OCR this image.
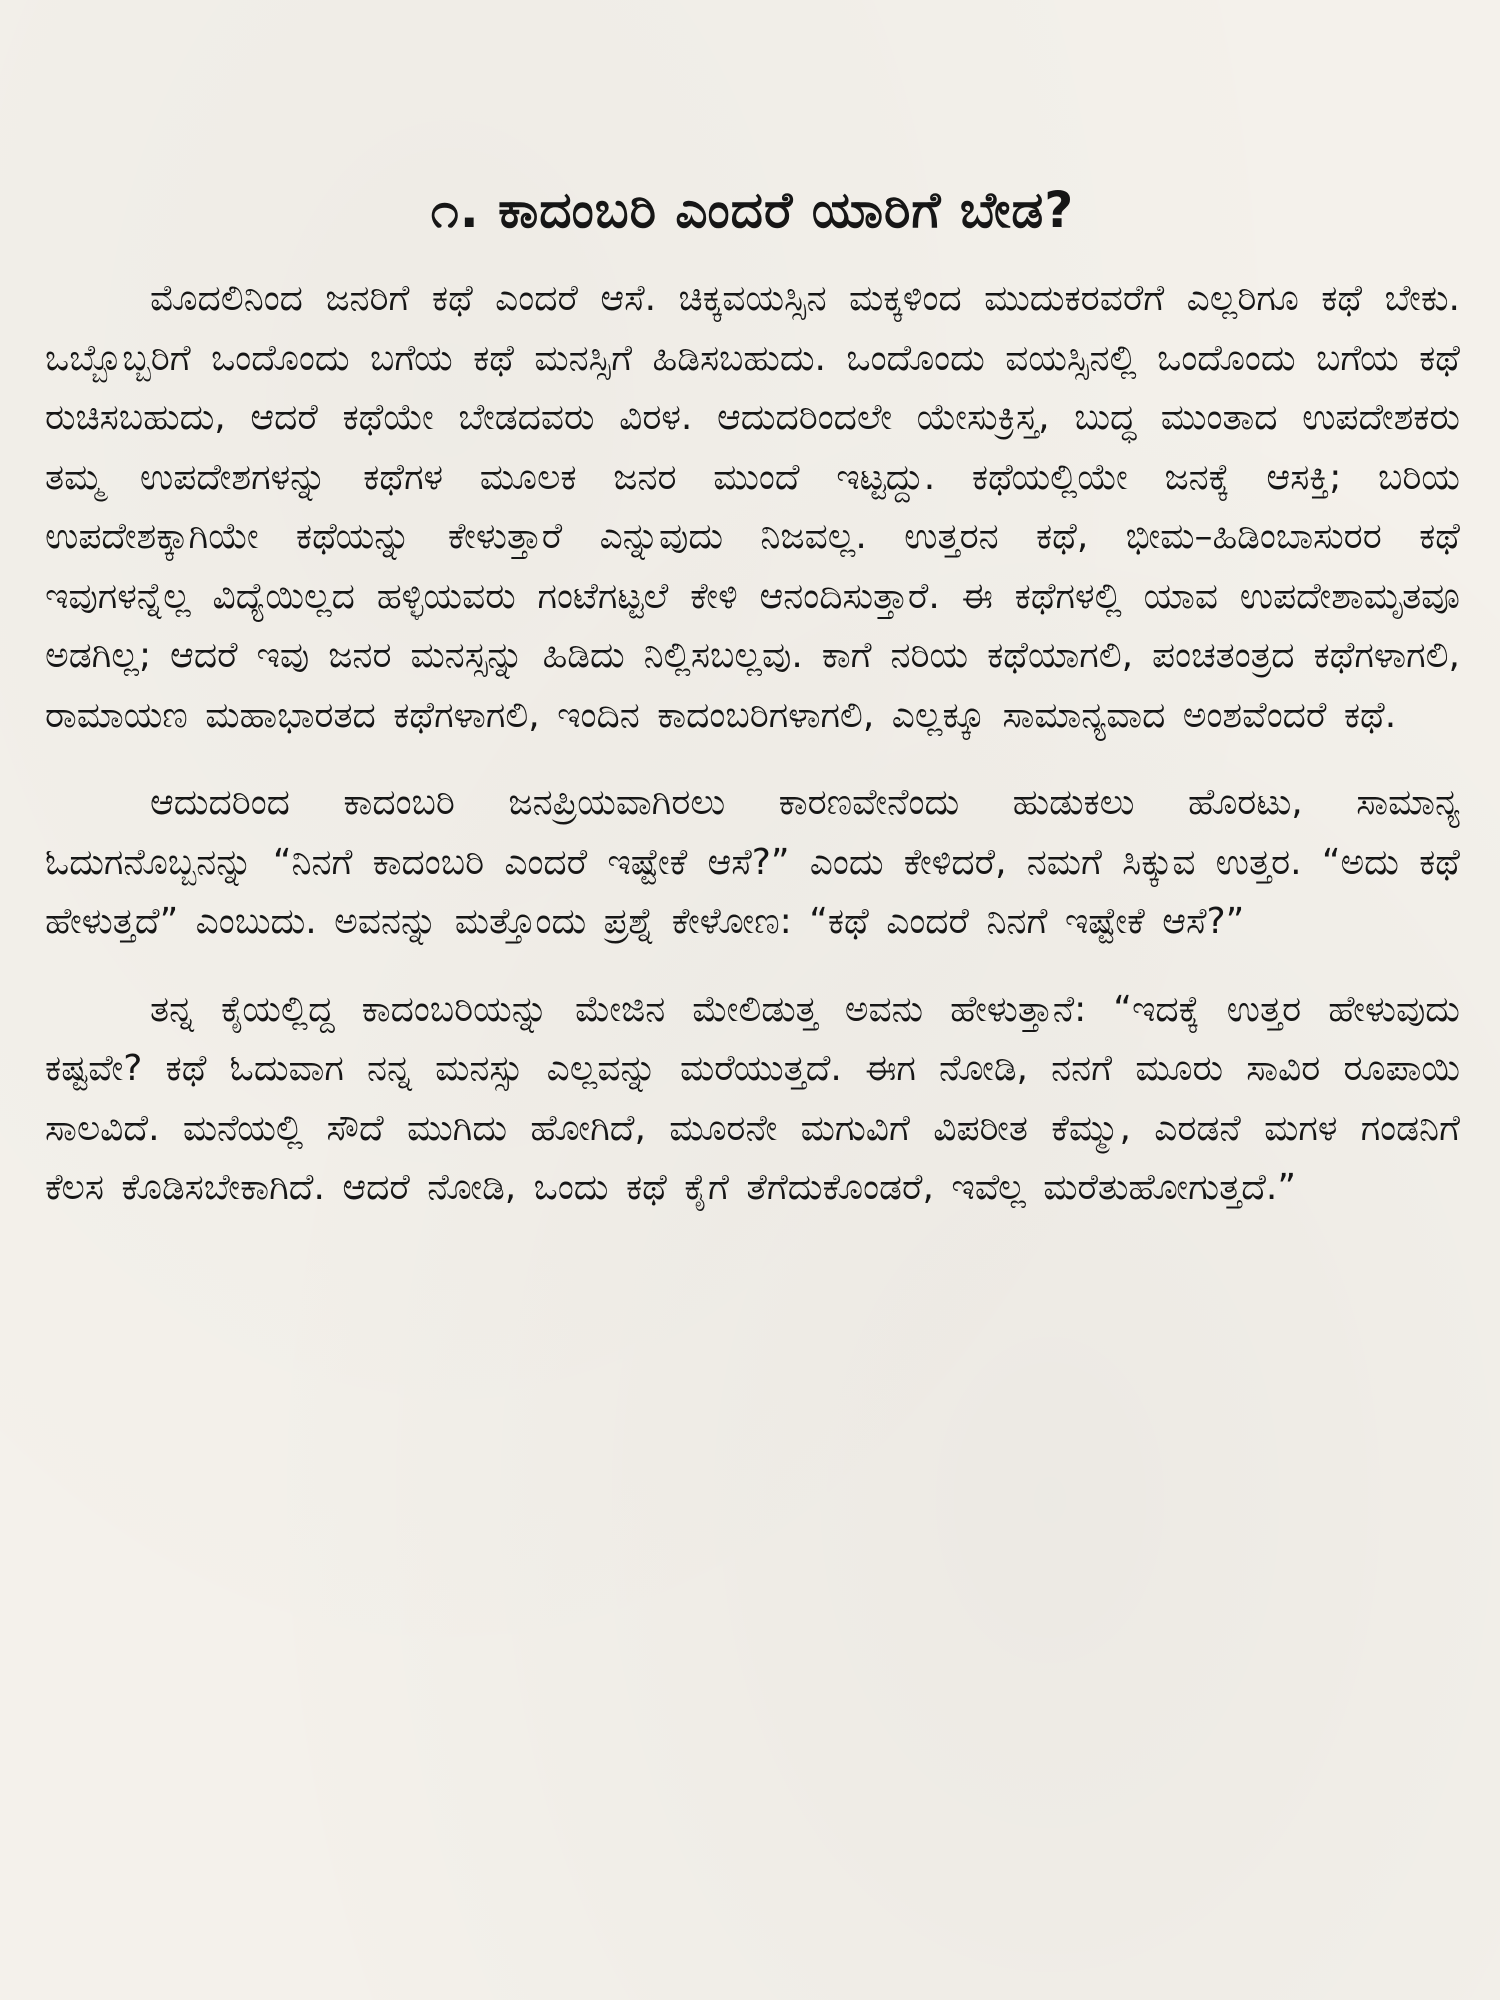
೧. ಕಾದಂಬರಿ ಎಂದರೆ ಯಾರಿಗೆ ಬೇಡ?

ಮೊದಲಿನಿಂದ ಜನರಿಗೆ ಕಥೆ ಎಂದರೆ ಆಸೆ. ಚಿಕ್ಕವಯಸ್ಸಿನ ಮಕ್ಕಳಿಂದ ಮುದುಕರವರೆಗೆ ಎಲ್ಲರಿಗೂ ಕಥೆ ಬೇಕು. ಒಬ್ಬೊಬ್ಬರಿಗೆ ಒಂದೊಂದು ಬಗೆಯ ಕಥೆ ಮನಸ್ಸಿಗೆ ಹಿಡಿಸಬಹುದು. ಒಂದೊಂದು ವಯಸ್ಸಿನಲ್ಲಿ ಒಂದೊಂದು ಬಗೆಯ ಕಥೆ ರುಚಿಸಬಹುದು, ಆದರೆ ಕಥೆಯೇ ಬೇಡದವರು ವಿರಳ. ಆದುದರಿಂದಲೇ ಯೇಸುಕ್ರಿಸ್ತ, ಬುದ್ಧ ಮುಂತಾದ ಉಪದೇಶಕರು ತಮ್ಮ ಉಪದೇಶಗಳನ್ನು ಕಥೆಗಳ ಮೂಲಕ ಜನರ ಮುಂದೆ ಇಟ್ಟದ್ದು. ಕಥೆಯಲ್ಲಿಯೇ ಜನಕ್ಕೆ ಆಸಕ್ತಿ; ಬರಿಯ ಉಪದೇಶಕ್ಕಾಗಿಯೇ ಕಥೆಯನ್ನು ಕೇಳುತ್ತಾರೆ ಎನ್ನುವುದು ನಿಜವಲ್ಲ. ಉತ್ತರನ ಕಥೆ, ಭೀಮ–ಹಿಡಿಂಬಾಸುರರ ಕಥೆ ಇವುಗಳನ್ನೆಲ್ಲ ವಿದ್ಯೆಯಿಲ್ಲದ ಹಳ್ಳಿಯವರು ಗಂಟೆಗಟ್ಟಲೆ ಕೇಳಿ ಆನಂದಿಸುತ್ತಾರೆ. ಈ ಕಥೆಗಳಲ್ಲಿ ಯಾವ ಉಪದೇಶಾಮೃತವೂ ಅಡಗಿಲ್ಲ; ಆದರೆ ಇವು ಜನರ ಮನಸ್ಸನ್ನು ಹಿಡಿದು ನಿಲ್ಲಿಸಬಲ್ಲವು. ಕಾಗೆ ನರಿಯ ಕಥೆಯಾಗಲಿ, ಪಂಚತಂತ್ರದ ಕಥೆಗಳಾಗಲಿ, ರಾಮಾಯಣ ಮಹಾಭಾರತದ ಕಥೆಗಳಾಗಲಿ, ಇಂದಿನ ಕಾದಂಬರಿಗಳಾಗಲಿ, ಎಲ್ಲಕ್ಕೂ ಸಾಮಾನ್ಯವಾದ ಅಂಶವೆಂದರೆ ಕಥೆ.

ಆದುದರಿಂದ ಕಾದಂಬರಿ ಜನಪ್ರಿಯವಾಗಿರಲು ಕಾರಣವೇನೆಂದು ಹುಡುಕಲು ಹೊರಟು, ಸಾಮಾನ್ಯ ಓದುಗನೊಬ್ಬನನ್ನು “ನಿನಗೆ ಕಾದಂಬರಿ ಎಂದರೆ ಇಷ್ಟೇಕೆ ಆಸೆ?” ಎಂದು ಕೇಳಿದರೆ, ನಮಗೆ ಸಿಕ್ಕುವ ಉತ್ತರ. “ಅದು ಕಥೆ ಹೇಳುತ್ತದೆ” ಎಂಬುದು. ಅವನನ್ನು ಮತ್ತೊಂದು ಪ್ರಶ್ನೆ ಕೇಳೋಣ: “ಕಥೆ ಎಂದರೆ ನಿನಗೆ ಇಷ್ಟೇಕೆ ಆಸೆ?”

ತನ್ನ ಕೈಯಲ್ಲಿದ್ದ ಕಾದಂಬರಿಯನ್ನು ಮೇಜಿನ ಮೇಲಿಡುತ್ತ ಅವನು ಹೇಳುತ್ತಾನೆ: “ಇದಕ್ಕೆ ಉತ್ತರ ಹೇಳುವುದು ಕಷ್ಟವೇ? ಕಥೆ ಓದುವಾಗ ನನ್ನ ಮನಸ್ಸು ಎಲ್ಲವನ್ನು ಮರೆಯುತ್ತದೆ. ಈಗ ನೋಡಿ, ನನಗೆ ಮೂರು ಸಾವಿರ ರೂಪಾಯಿ ಸಾಲವಿದೆ. ಮನೆಯಲ್ಲಿ ಸೌದೆ ಮುಗಿದು ಹೋಗಿದೆ, ಮೂರನೇ ಮಗುವಿಗೆ ವಿಪರೀತ ಕೆಮ್ಮು, ಎರಡನೆ ಮಗಳ ಗಂಡನಿಗೆ ಕೆಲಸ ಕೊಡಿಸಬೇಕಾಗಿದೆ. ಆದರೆ ನೋಡಿ, ಒಂದು ಕಥೆ ಕೈಗೆ ತೆಗೆದುಕೊಂಡರೆ, ಇವೆಲ್ಲ ಮರೆತುಹೋಗುತ್ತದೆ.”
